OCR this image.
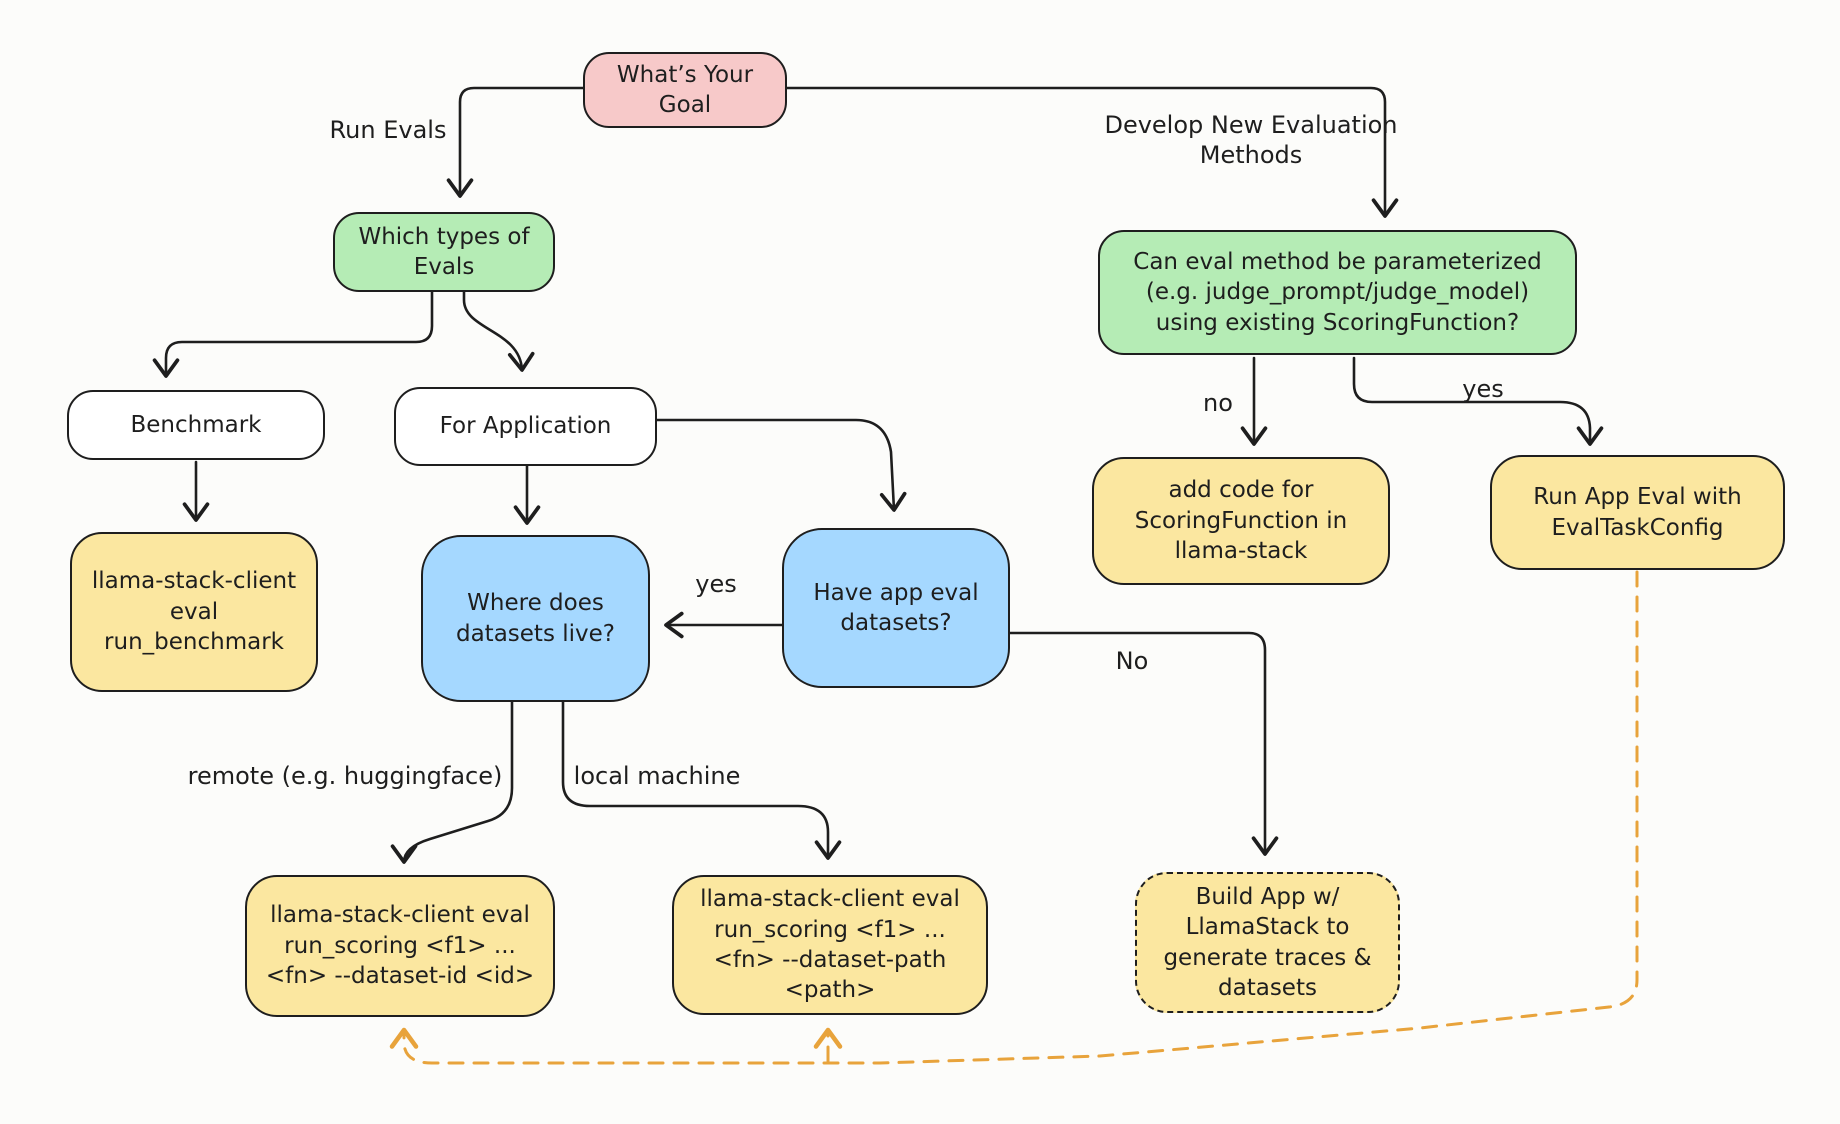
What’s Your Goal
Which types of Evals
Benchmark	For Application
llama-stack-client eval run_benchmark
Where does datasets live?
Have app eval datasets?
llama-stack-client eval run_scoring <f1> ... <fn> --dataset-id <id>
llama-stack-client eval run_scoring <f1> ... <fn> --dataset-path <path>
Build App w/ LlamaStack to generate traces & datasets
Can eval method be parameterized (e.g. judge_prompt/judge_model) using existing ScoringFunction?
add code for ScoringFunction in llama-stack
Run App Eval with EvalTaskConfig
Run Evals	Develop New Evaluation Methods
no	yes
yes
No
remote (e.g. huggingface)	local machine
